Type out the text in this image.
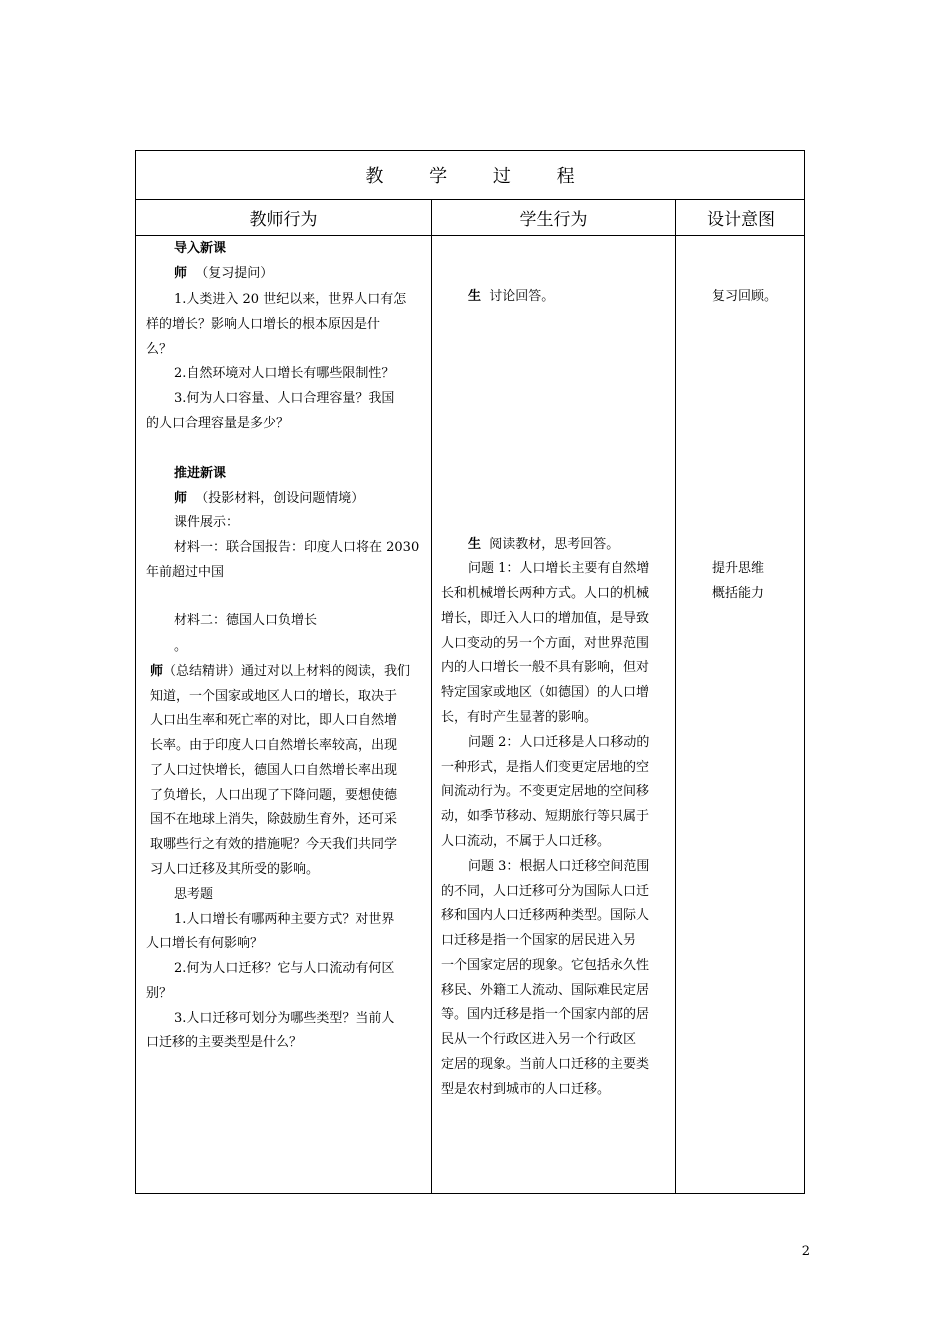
教 学 过 程
教师行为	学生行为	设计意图

导入新课

师 （复习提问）

1.人类进入 20 世纪以来，世界人口有怎

样的增长？影响人口增长的根本原因是什

么？

2.自然环境对人口增长有哪些限制性？

3.何为人口容量、人口合理容量？我国

的人口合理容量是多少？

推进新课

师 （投影材料，创设问题情境）

课件展示：

材料一：联合国报告：印度人口将在 2030

年前超过中国

材料二：德国人口负增长

。

师（总结精讲）通过对以上材料的阅读，我们

知道，一个国家或地区人口的增长，取决于

人口出生率和死亡率的对比，即人口自然增

长率。由于印度人口自然增长率较高，出现

了人口过快增长，德国人口自然增长率出现

了负增长，人口出现了下降问题，要想使德

国不在地球上消失，除鼓励生育外，还可采

取哪些行之有效的措施呢？今天我们共同学

习人口迁移及其所受的影响。

思考题

1.人口增长有哪两种主要方式？对世界

人口增长有何影响？

2.何为人口迁移？它与人口流动有何区

别？

3.人口迁移可划分为哪些类型？当前人

口迁移的主要类型是什么？

生 讨论回答。

生 阅读教材，思考回答。

问题 1：人口增长主要有自然增

长和机械增长两种方式。人口的机械

增长，即迁入人口的增加值，是导致

人口变动的另一个方面，对世界范围

内的人口增长一般不具有影响，但对

特定国家或地区（如德国）的人口增

长，有时产生显著的影响。

问题 2：人口迁移是人口移动的

一种形式，是指人们变更定居地的空

间流动行为。不变更定居地的空间移

动，如季节移动、短期旅行等只属于

人口流动，不属于人口迁移。

问题 3：根据人口迁移空间范围

的不同，人口迁移可分为国际人口迁

移和国内人口迁移两种类型。国际人

口迁移是指一个国家的居民进入另

一个国家定居的现象。它包括永久性

移民、外籍工人流动、国际难民定居

等。国内迁移是指一个国家内部的居

民从一个行政区进入另一个行政区

定居的现象。当前人口迁移的主要类

型是农村到城市的人口迁移。

复习回顾。

提升思维

概括能力

2
